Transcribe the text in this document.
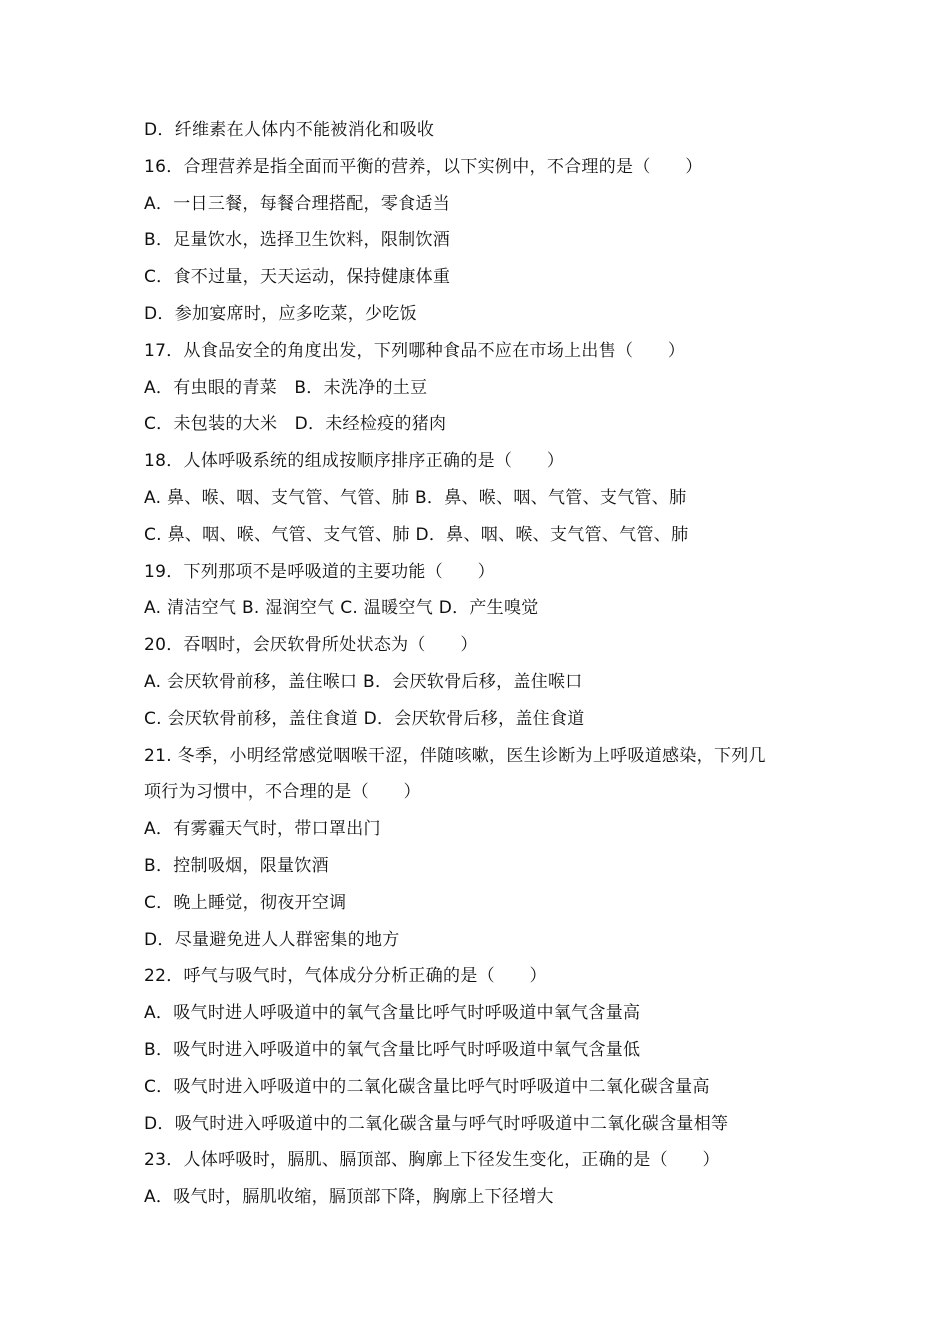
D．纤维素在人体内不能被消化和吸收
16．合理营养是指全面而平衡的营养，以下实例中，不合理的是（　　）
A．一日三餐，每餐合理搭配，零食适当
B．足量饮水，选择卫生饮料，限制饮酒
C．食不过量，天天运动，保持健康体重
D．参加宴席时，应多吃菜，少吃饭
17．从食品安全的角度出发，下列哪种食品不应在市场上出售（　　）
A．有虫眼的青菜　B．未洗净的土豆
C．未包装的大米　D．未经检疫的猪肉
18．人体呼吸系统的组成按顺序排序正确的是（　　）
A. 鼻、喉、咽、支气管、气管、肺 B．鼻、喉、咽、气管、支气管、肺
C. 鼻、咽、喉、气管、支气管、肺 D．鼻、咽、喉、支气管、气管、肺
19．下列那项不是呼吸道的主要功能（　　）
A. 清洁空气 B. 湿润空气 C. 温暖空气 D．产生嗅觉
20．吞咽时，会厌软骨所处状态为（　　）
A. 会厌软骨前移，盖住喉口 B．会厌软骨后移，盖住喉口
C. 会厌软骨前移，盖住食道 D．会厌软骨后移，盖住食道
21. 冬季，小明经常感觉咽喉干涩，伴随咳嗽，医生诊断为上呼吸道感染，下列几
项行为习惯中，不合理的是（　　）
A．有雾霾天气时，带口罩出门
B．控制吸烟，限量饮酒
C．晚上睡觉，彻夜开空调
D．尽量避免进人人群密集的地方
22．呼气与吸气时，气体成分分析正确的是（　　）
A．吸气时进人呼吸道中的氧气含量比呼气时呼吸道中氧气含量高
B．吸气时进入呼吸道中的氧气含量比呼气时呼吸道中氧气含量低
C．吸气时进入呼吸道中的二氧化碳含量比呼气时呼吸道中二氧化碳含量高
D．吸气时进入呼吸道中的二氧化碳含量与呼气时呼吸道中二氧化碳含量相等
23．人体呼吸时，膈肌、膈顶部、胸廓上下径发生变化，正确的是（　　）
A．吸气时，膈肌收缩，膈顶部下降，胸廓上下径增大
